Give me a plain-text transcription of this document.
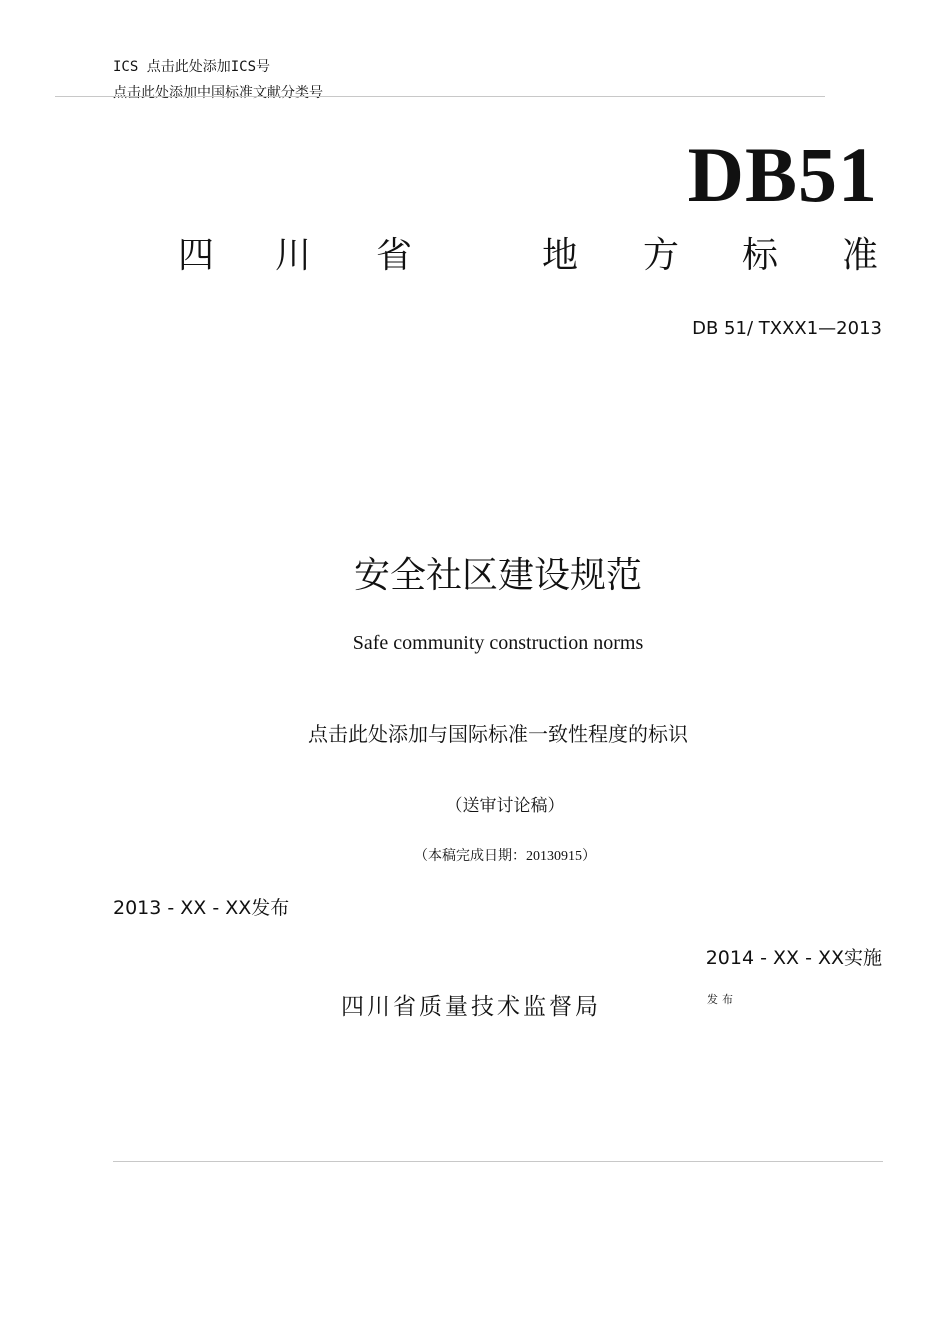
ICS 点击此处添加ICS号
点击此处添加中国标准文献分类号
DB51
四 川 省	地 方 标 准
DB 51/ TXXX1—2013
安全社区建设规范
Safe community construction norms
点击此处添加与国际标准一致性程度的标识
（送审讨论稿）
（本稿完成日期：20130915）
2013 - XX - XX发布
2014 - XX - XX实施
四川省质量技术监督局	发布
